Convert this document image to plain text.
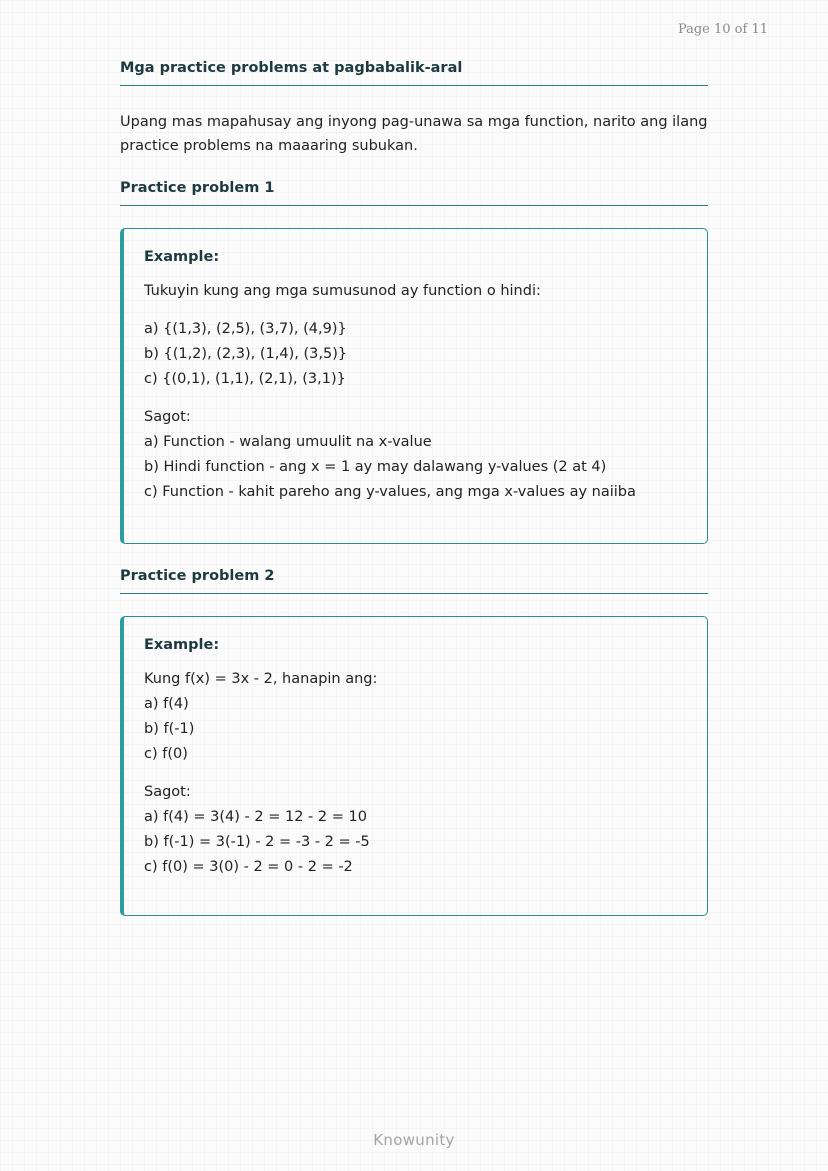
Page 10 of 11
Mga practice problems at pagbabalik-aral
Upang mas mapahusay ang inyong pag-unawa sa mga function, narito ang ilang
practice problems na maaaring subukan.
Practice problem 1
Example:
Tukuyin kung ang mga sumusunod ay function o hindi:
a) {(1,3), (2,5), (3,7), (4,9)}
b) {(1,2), (2,3), (1,4), (3,5)}
c) {(0,1), (1,1), (2,1), (3,1)}
Sagot:
a) Function - walang umuulit na x-value
b) Hindi function - ang x = 1 ay may dalawang y-values (2 at 4)
c) Function - kahit pareho ang y-values, ang mga x-values ay naiiba
Practice problem 2
Example:
Kung f(x) = 3x - 2, hanapin ang:
a) f(4)
b) f(-1)
c) f(0)
Sagot:
a) f(4) = 3(4) - 2 = 12 - 2 = 10
b) f(-1) = 3(-1) - 2 = -3 - 2 = -5
c) f(0) = 3(0) - 2 = 0 - 2 = -2
Knowunity
